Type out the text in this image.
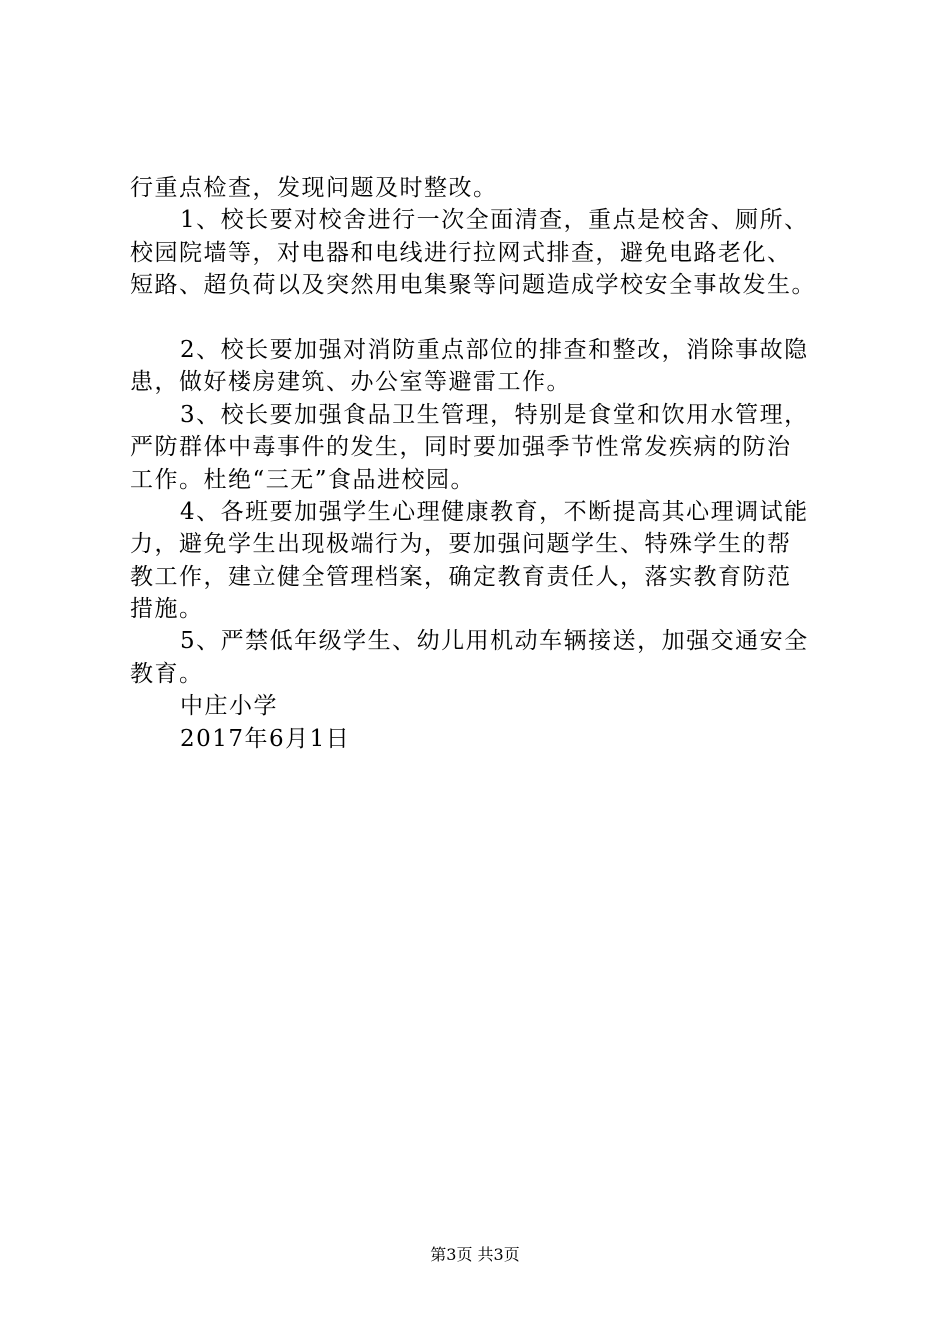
行重点检查，发现问题及时整改。
1、校长要对校舍进行一次全面清查，重点是校舍、厕所、
校园院墙等，对电器和电线进行拉网式排查，避免电路老化、
短路、超负荷以及突然用电集聚等问题造成学校安全事故发生。
2、校长要加强对消防重点部位的排查和整改，消除事故隐
患，做好楼房建筑、办公室等避雷工作。
3、校长要加强食品卫生管理，特别是食堂和饮用水管理，
严防群体中毒事件的发生，同时要加强季节性常发疾病的防治
工作。杜绝“三无”食品进校园。
4、各班要加强学生心理健康教育，不断提高其心理调试能
力，避免学生出现极端行为，要加强问题学生、特殊学生的帮
教工作，建立健全管理档案，确定教育责任人，落实教育防范
措施。
5、严禁低年级学生、幼儿用机动车辆接送，加强交通安全
教育。
中庄小学
2017年6月1日
第3页 共3页
